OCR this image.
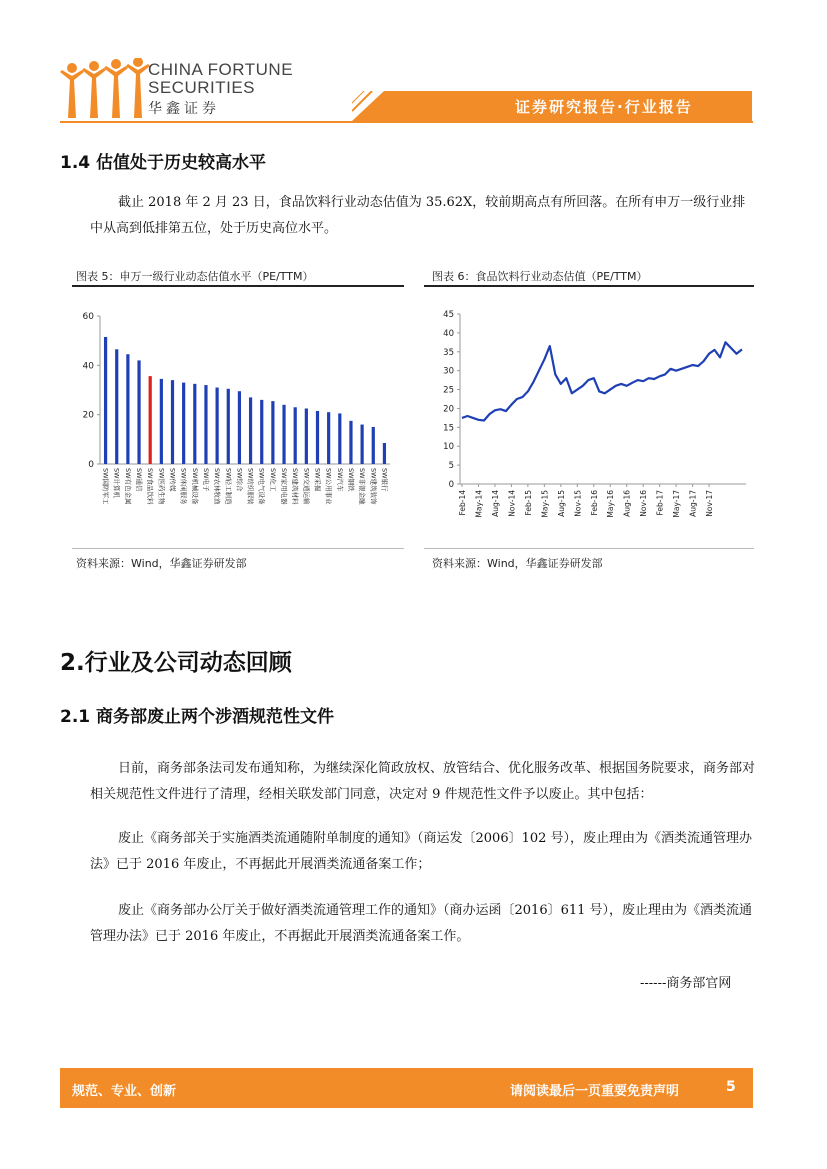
CHINA FORTUNE
SECURITIES
华鑫证券	证券研究报告·行业报告
1.4 估值处于历史较高水平
截止 2018 年 2 月 23 日，食品饮料行业动态估值为 35.62X，较前期高点有所回落。在所有申万一级行业排中从高到低排第五位，处于历史高位水平。
图表 5：申万一级行业动态估值水平（PE/TTM）
0
20
40
60
SW国防军工 SW计算机 SW有色金属 SW通信 SW食品饮料 SW医药生物 SW传媒 SW休闲服务 SW机械设备 SW电子 SW农林牧渔 SW轻工制造 SW综合 SW纺织服装 SW电气设备 SW化工 SW家用电器 SW建筑材料 SW交通运输 SW采掘 SW公用事业 SW汽车 SW钢铁 SW非银金融 SW建筑装饰 SW银行
资料来源：Wind，华鑫证券研发部
图表 6：食品饮料行业动态估值（PE/TTM）
0
5
10
15
20
25
30
35
40
45
Feb-14 May-14 Aug-14 Nov-14 Feb-15 May-15 Aug-15 Nov-15 Feb-16 May-16 Aug-16 Nov-16 Feb-17 May-17 Aug-17 Nov-17
资料来源：Wind，华鑫证券研发部
2.行业及公司动态回顾
2.1 商务部废止两个涉酒规范性文件
日前，商务部条法司发布通知称，为继续深化简政放权、放管结合、优化服务改革、根据国务院要求，商务部对相关规范性文件进行了清理，经相关联发部门同意，决定对 9 件规范性文件予以废止。其中包括：
废止《商务部关于实施酒类流通随附单制度的通知》（商运发〔2006〕102 号），废止理由为《酒类流通管理办法》已于 2016 年废止，不再据此开展酒类流通备案工作；
废止《商务部办公厅关于做好酒类流通管理工作的通知》（商办运函〔2016〕611 号），废止理由为《酒类流通管理办法》已于 2016 年废止，不再据此开展酒类流通备案工作。
------商务部官网
规范、专业、创新	请阅读最后一页重要免责声明	5
